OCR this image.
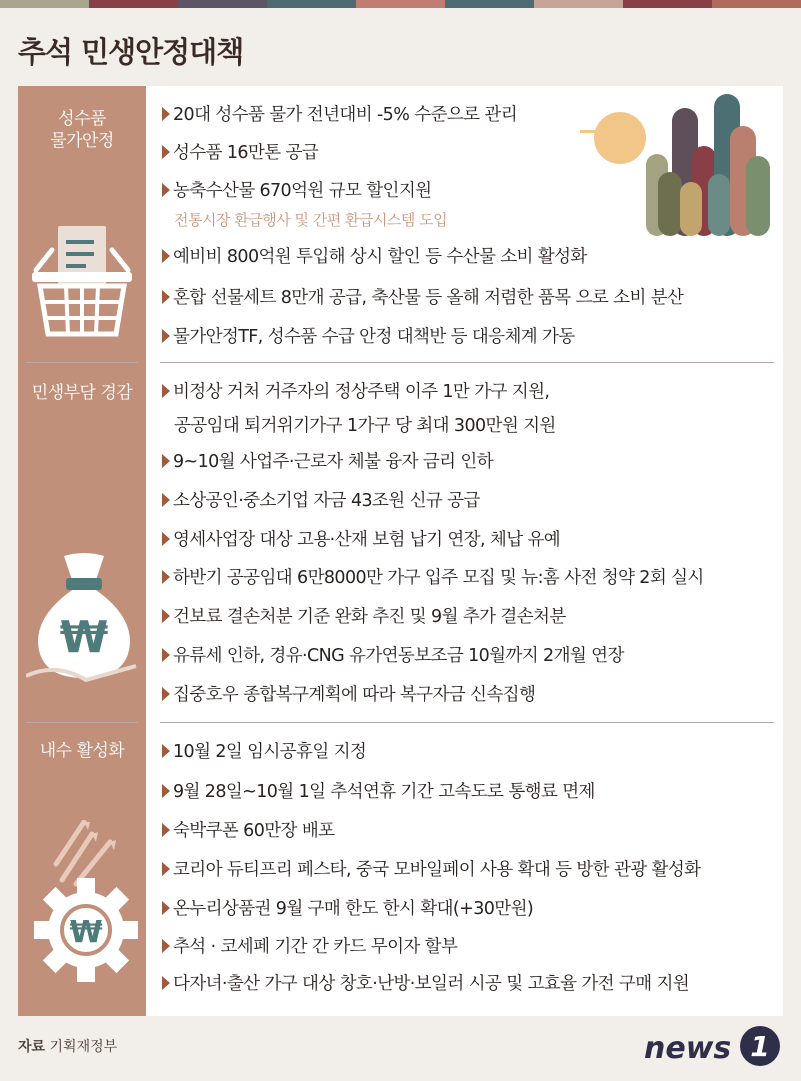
추석 민생안정대책
성수품
물가안정
20대 성수품 물가 전년대비 -5% 수준으로 관리
성수품 16만톤 공급
농축수산물 670억원 규모 할인지원
전통시장 환급행사 및 간편 환급시스템 도입
예비비 800억원 투입해 상시 할인 등 수산물 소비 활성화
혼합 선물세트 8만개 공급, 축산물 등 올해 저렴한 품목 으로 소비 분산
물가안정TF, 성수품 수급 안정 대책반 등 대응체계 가동
민생부담 경감
₩
비정상 거처 거주자의 정상주택 이주 1만 가구 지원,
공공임대 퇴거위기가구 1가구 당 최대 300만원 지원
9~10월 사업주·근로자 체불 융자 금리 인하
소상공인·중소기업 자금 43조원 신규 공급
영세사업장 대상 고용·산재 보험 납기 연장, 체납 유예
하반기 공공임대 6만8000만 가구 입주 모집 및 뉴:홈 사전 청약 2회 실시
건보료 결손처분 기준 완화 추진 및 9월 추가 결손처분
유류세 인하, 경유·CNG 유가연동보조금 10월까지 2개월 연장
집중호우 종합복구계획에 따라 복구자금 신속집행
내수 활성화
₩
10월 2일 임시공휴일 지정
9월 28일~10월 1일 추석연휴 기간 고속도로 통행료 면제
숙박쿠폰 60만장 배포
코리아 듀티프리 페스타, 중국 모바일페이 사용 확대 등 방한 관광 활성화
온누리상품권 9월 구매 한도 한시 확대(+30만원)
추석 · 코세페 기간 간 카드 무이자 할부
다자녀·출산 가구 대상 창호·난방·보일러 시공 및 고효율 가전 구매 지원
자료 기획재정부	news 1
